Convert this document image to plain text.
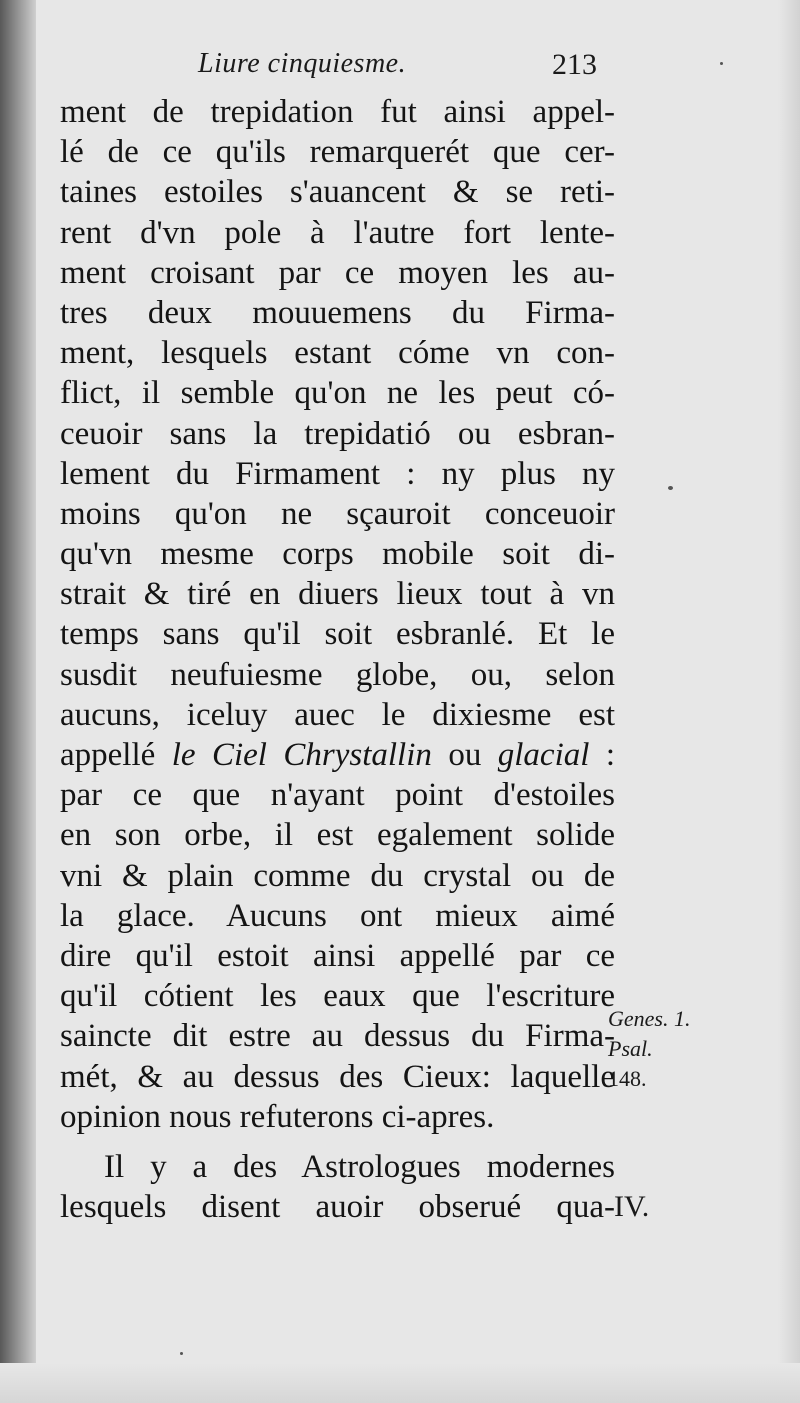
Liure cinquiesme.	213
ment de trepidation fut ainsi appel-
lé de ce qu'ils remarquerét que cer-
taines estoiles s'auancent & se reti-
rent d'vn pole à l'autre fort lente-
ment croisant par ce moyen les au-
tres deux mouuemens du Firma-
ment, lesquels estant cóme vn con-
flict, il semble qu'on ne les peut có-
ceuoir sans la trepidatió ou esbran-
lement du Firmament : ny plus ny
moins qu'on ne sçauroit conceuoir
qu'vn mesme corps mobile soit di-
strait & tiré en diuers lieux tout à vn
temps sans qu'il soit esbranlé. Et le
susdit neufuiesme globe, ou, selon
aucuns, iceluy auec le dixiesme est
appellé le Ciel Chrystallin ou glacial :
par ce que n'ayant point d'estoiles
en son orbe, il est egalement solide
vni & plain comme du crystal ou de
la glace. Aucuns ont mieux aimé
dire qu'il estoit ainsi appellé par ce
qu'il cótient les eaux que l'escriture
saincte dit estre au dessus du Firma-
mét, & au dessus des Cieux: laquelle
opinion nous refuterons ci-apres.
Il y a des Astrologues modernes
lesquels disent auoir obserué qua-
Genes. 1.
Psal.
148.
IV.
